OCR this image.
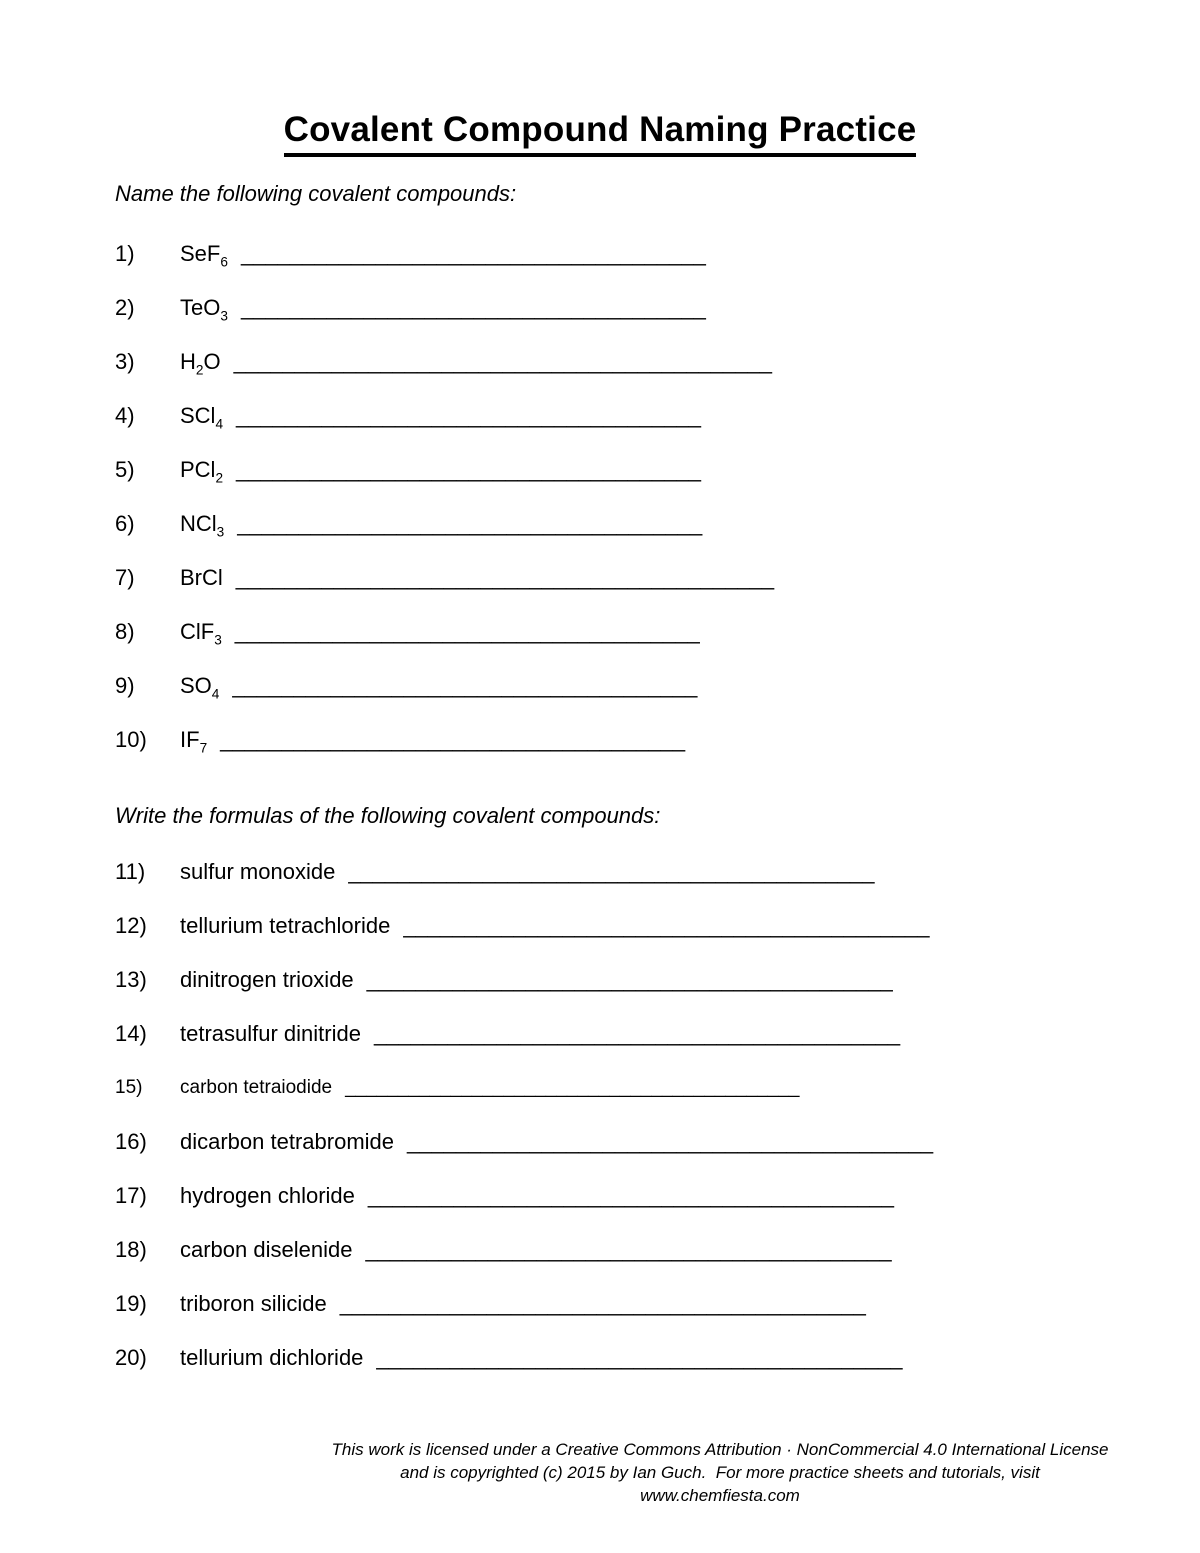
Covalent Compound Naming Practice

Name the following covalent compounds:

1)	SeF$_6$ ______________________________________
2)	TeO$_3$ ______________________________________
3)	$H_2O$ ____________________________________________
4)	SCl$_4$ ______________________________________
5)	PCl$_2$ ______________________________________
6)	NCl$_3$ ______________________________________
7)	BrCl ____________________________________________
8)	ClF$_3$ ______________________________________
9)	$SO_4$ ______________________________________
10)	$IF_7$ ______________________________________

Write the formulas of the following covalent compounds:

11)	sulfur monoxide ___________________________________________
12)	tellurium tetrachloride ___________________________________________
13)	dinitrogen trioxide ___________________________________________
14)	tetrasulfur dinitride ___________________________________________
15)	carbon tetraiodide ___________________________________________
16)	dicarbon tetrabromide ___________________________________________
17)	hydrogen chloride ___________________________________________
18)	carbon diselenide ___________________________________________
19)	triboron silicide ___________________________________________
20)	tellurium dichloride ___________________________________________
This work is licensed under a Creative Commons Attribution · NonCommercial 4.0 International License
and is copyrighted (c) 2015 by Ian Guch.  For more practice sheets and tutorials, visit  www.chemfiesta.com
